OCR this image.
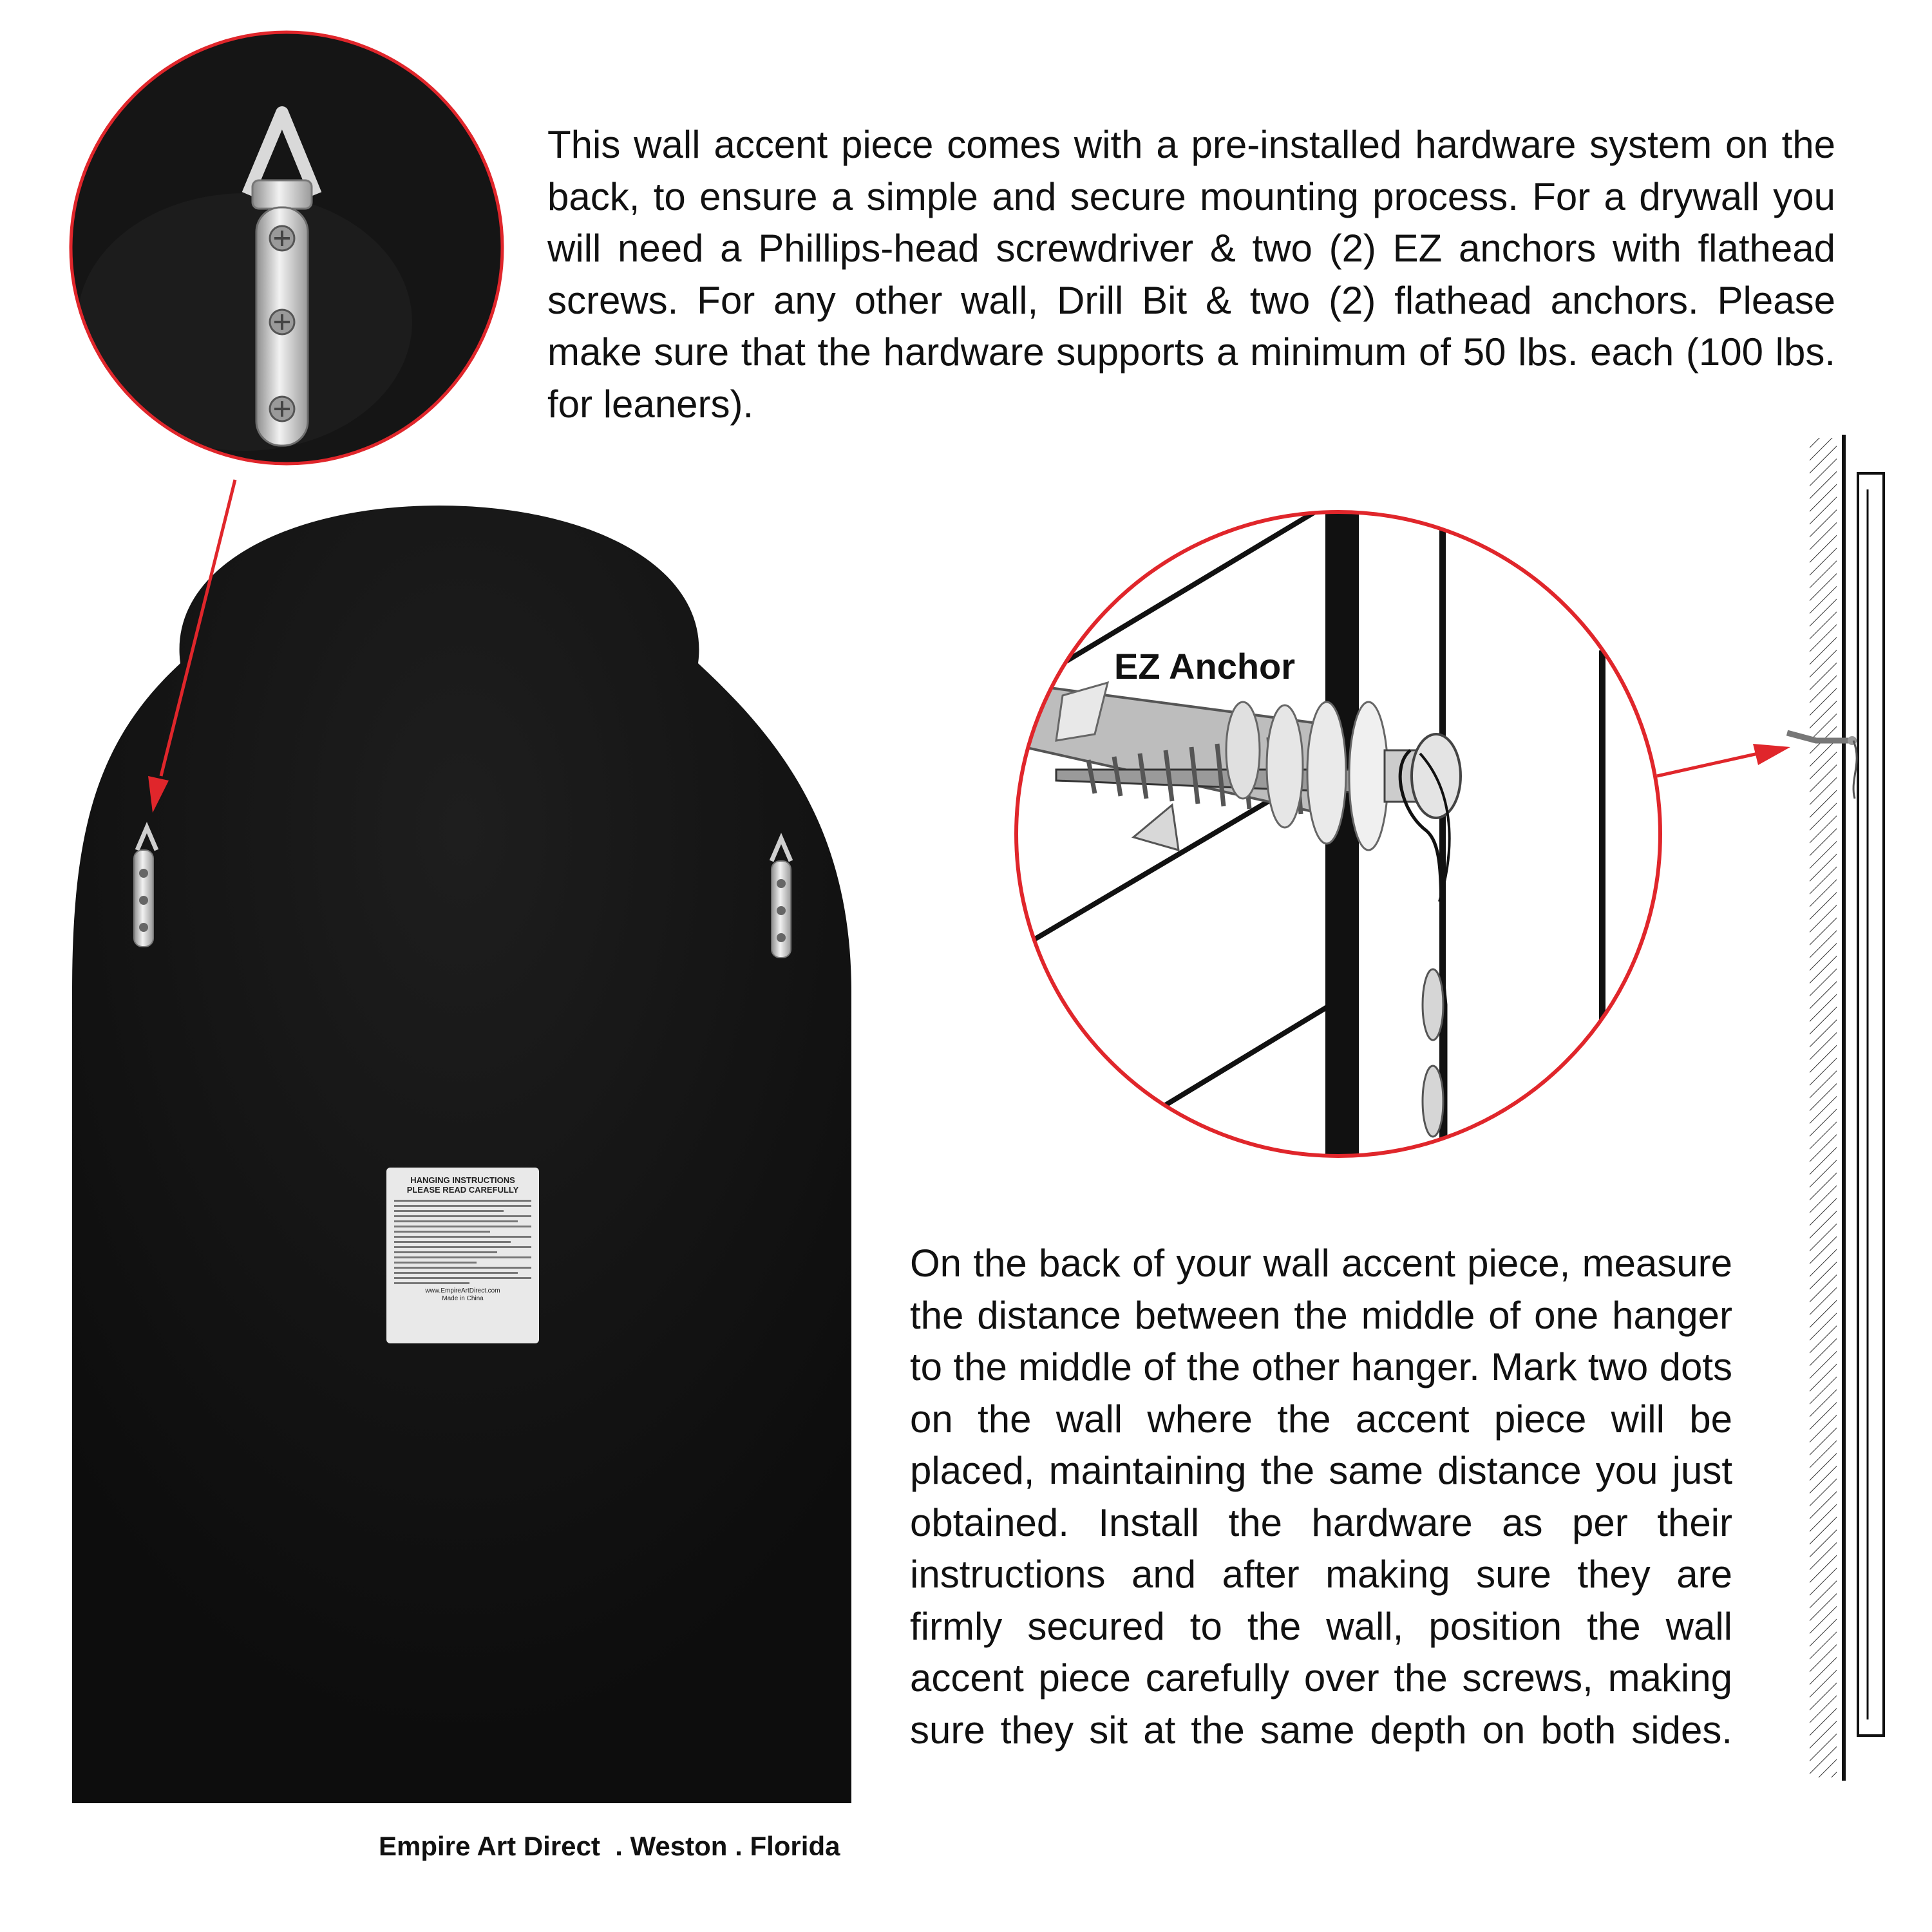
This wall accent piece comes with a pre-installed hardware system on the back, to ensure a simple and secure mounting process. For a drywall you will need a Phillips-head screwdriver & two (2) EZ anchors with flathead screws. For any other wall, Drill Bit & two (2) flathead anchors. Please make sure that the hardware supports a minimum of 50 lbs. each (100 lbs. for leaners).
On the back of your wall accent piece, measure the distance between the middle of one hanger to the middle of the other hanger. Mark two dots on the wall where the accent piece will be placed, maintaining the same distance you just obtained. Install the hardware as per their instructions and after making sure they are firmly secured to the wall, position the wall accent piece carefully over the screws, making sure they sit at the same depth on both sides.
EZ Anchor
HANGING INSTRUCTIONS
PLEASE READ CAREFULLY
www.EmpireArtDirect.com
Made in China
Empire Art Direct  . Weston . Florida
